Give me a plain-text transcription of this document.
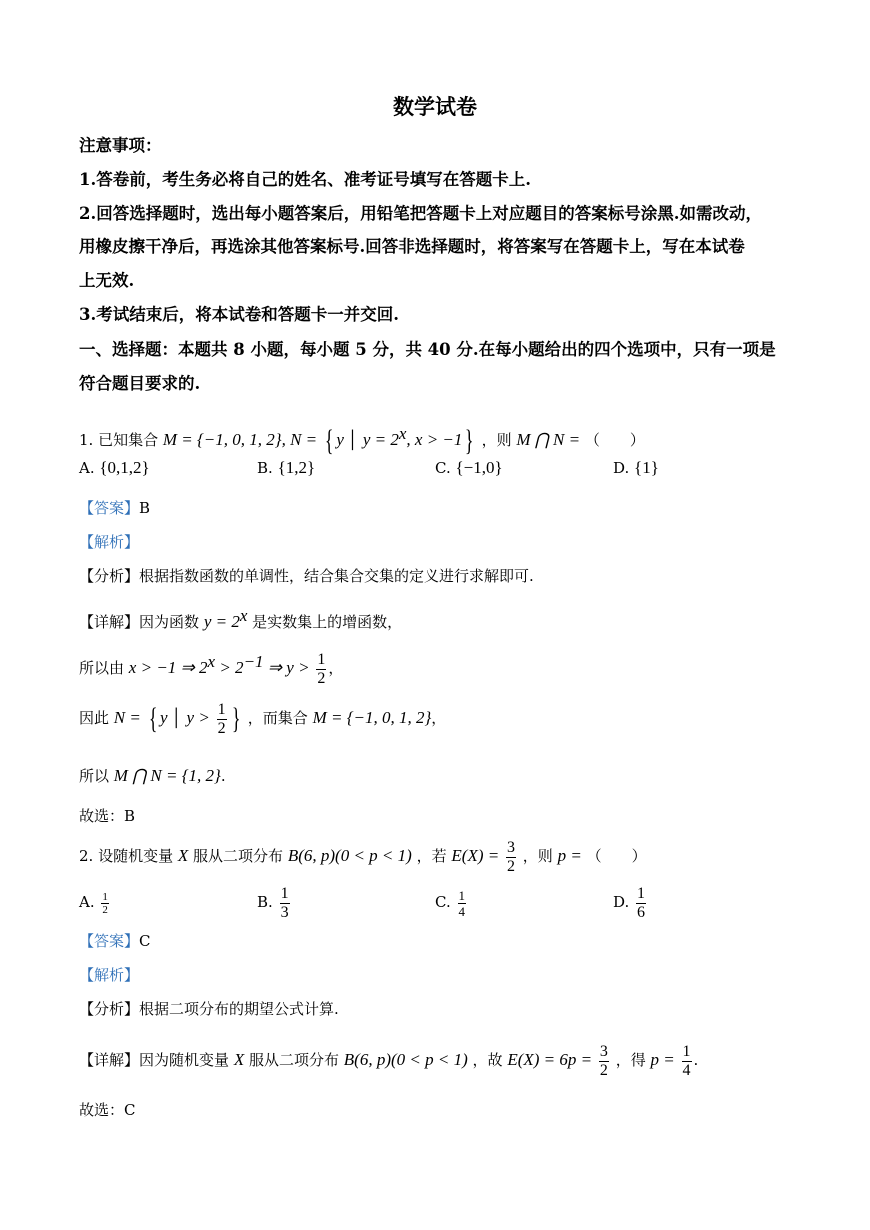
数学试卷
注意事项：
1.答卷前，考生务必将自己的姓名、准考证号填写在答题卡上.
2.回答选择题时，选出每小题答案后，用铅笔把答题卡上对应题目的答案标号涂黑.如需改动，
用橡皮擦干净后，再选涂其他答案标号.回答非选择题时，将答案写在答题卡上，写在本试卷
上无效.
3.考试结束后，将本试卷和答题卡一并交回.
一、选择题：本题共 8 小题，每小题 5 分，共 40 分.在每小题给出的四个选项中，只有一项是
符合题目要求的.
1. 已知集合 M = {−1, 0, 1, 2}, N = { y │ $y = 2^x$, x > −1} ，则 M ⋂ N = （　　）
A. {0,1,2}	B. {1,2}	C. {−1,0}	D. {1}
【答案】B
【解析】
【分析】根据指数函数的单调性，结合集合交集的定义进行求解即可.
【详解】因为函数 $y = 2^x$ 是实数集上的增函数，
所以由 x > −1 ⇒ $2^x > 2^{-1}$ ⇒ $y > \frac{1}{2}$ ，
因此 N = { y │ $y > \frac{1}{2}$ } ，而集合 M = {−1, 0, 1, 2}，
所以 M ⋂ N = {1, 2}.
故选：B
2. 设随机变量 X 服从二项分布 B(6, p)(0 < p < 1) ，若 $E(X) = \frac{3}{2}$ ，则 p = （　　）
A. $\frac{1}{2}$	B. $\frac{1}{3}$	C. $\frac{1}{4}$	D. $\frac{1}{6}$
【答案】C
【解析】
【分析】根据二项分布的期望公式计算.
【详解】因为随机变量 X 服从二项分布 B(6, p)(0 < p < 1) ，故 $E(X) = 6p = \frac{3}{2}$ ，得 $p = \frac{1}{4}$ .
故选：C
